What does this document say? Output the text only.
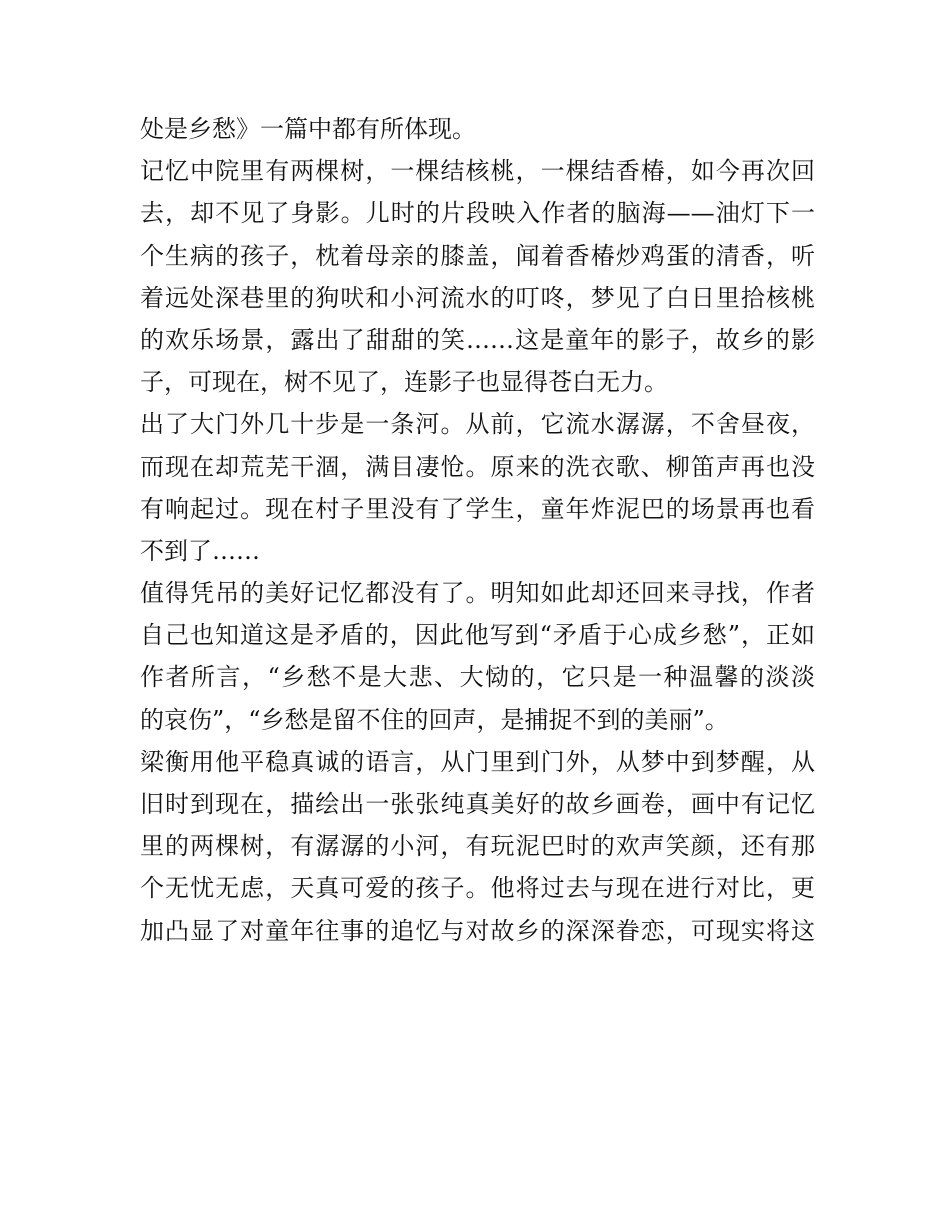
处是乡愁》一篇中都有所体现。
记忆中院里有两棵树，一棵结核桃，一棵结香椿，如今再次回
去，却不见了身影。儿时的片段映入作者的脑海——油灯下一
个生病的孩子，枕着母亲的膝盖，闻着香椿炒鸡蛋的清香，听
着远处深巷里的狗吠和小河流水的叮咚，梦见了白日里拾核桃
的欢乐场景，露出了甜甜的笑……这是童年的影子，故乡的影
子，可现在，树不见了，连影子也显得苍白无力。
出了大门外几十步是一条河。从前，它流水潺潺，不舍昼夜，
而现在却荒芜干涸，满目凄怆。原来的洗衣歌、柳笛声再也没
有响起过。现在村子里没有了学生，童年炸泥巴的场景再也看
不到了……
值得凭吊的美好记忆都没有了。明知如此却还回来寻找，作者
自己也知道这是矛盾的，因此他写到“矛盾于心成乡愁”，正如
作者所言，“乡愁不是大悲、大恸的，它只是一种温馨的淡淡
的哀伤”，“乡愁是留不住的回声，是捕捉不到的美丽”。
梁衡用他平稳真诚的语言，从门里到门外，从梦中到梦醒，从
旧时到现在，描绘出一张张纯真美好的故乡画卷，画中有记忆
里的两棵树，有潺潺的小河，有玩泥巴时的欢声笑颜，还有那
个无忧无虑，天真可爱的孩子。他将过去与现在进行对比，更
加凸显了对童年往事的追忆与对故乡的深深眷恋，可现实将这
